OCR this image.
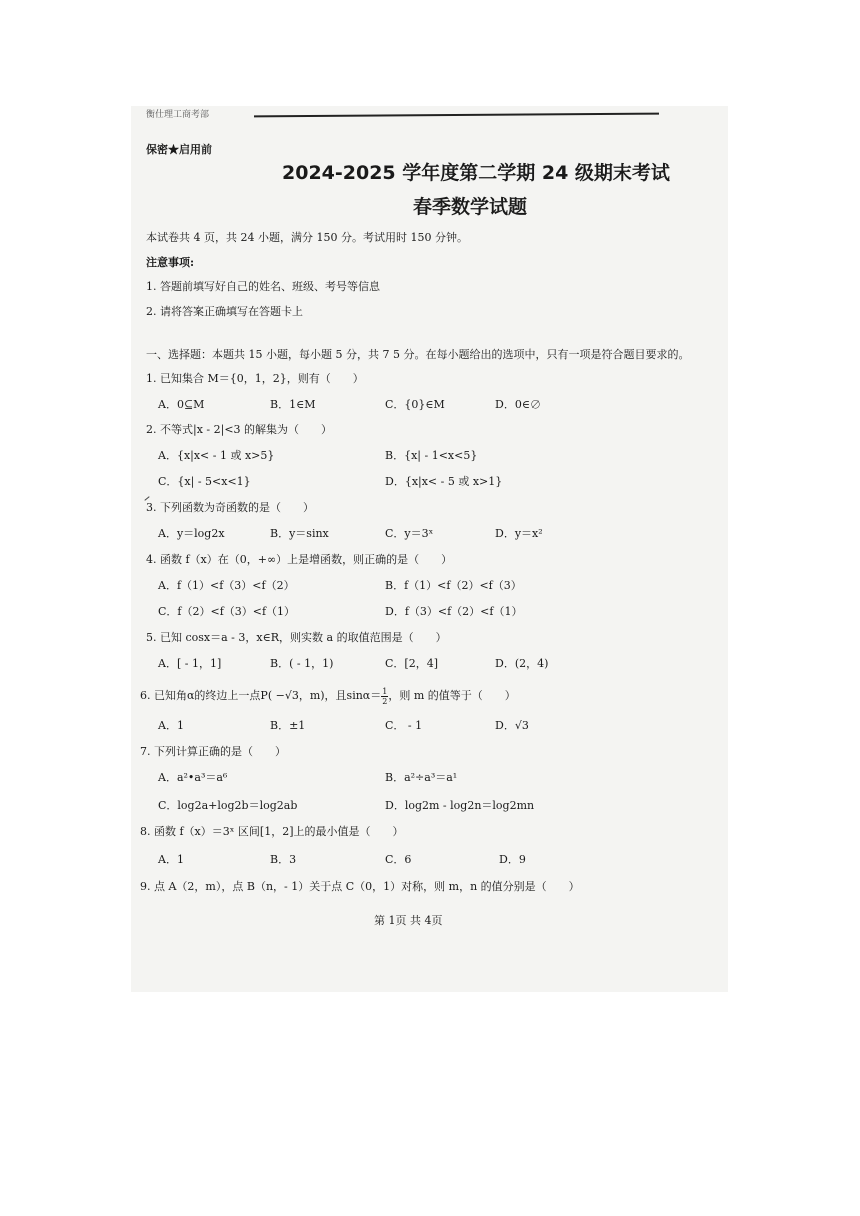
衡仕理工商考部
保密★启用前
2024-2025 学年度第二学期 24 级期末考试
春季数学试题
本试卷共 4 页，共 24 小题，满分 150 分。考试用时 150 分钟。
注意事项:
1. 答题前填写好自己的姓名、班级、考号等信息
2. 请将答案正确填写在答题卡上
一、选择题：本题共 15 小题，每小题 5 分，共 7 5 分。在每小题给出的选项中，只有一项是符合题目要求的。
1. 已知集合 M＝{0，1，2}，则有（　　）
A．0⊆M	B．1∈M	C．{0}∈M	D．0∈∅
2. 不等式|x - 2|<3 的解集为（　　）
A．{x|x< - 1 或 x>5}	B．{x| - 1<x<5}
C．{x| - 5<x<1}	D．{x|x< - 5 或 x>1}
3. 下列函数为奇函数的是（　　）
A．y＝log2x	B．y＝sinx	C．y＝3ˣ	D．y＝x²
4. 函数 f（x）在（0，+∞）上是增函数，则正确的是（　　）
A．f（1）<f（3）<f（2）	B．f（1）<f（2）<f（3）
C．f（2）<f（3）<f（1）	D．f（3）<f（2）<f（1）
5. 已知 cosx＝a - 3，x∈R，则实数 a 的取值范围是（　　）
A．[ - 1，1]	B．( - 1，1)	C．[2，4]	D．(2，4)
6. 已知角α的终边上一点P( −√3，m)，且$\sin\alpha= \frac{1}{2}$ ，则 m 的值等于（　　）
A．1	B．±1	C． - 1	D．√3
7. 下列计算正确的是（　　）
A．a²•a³＝a⁶	B．a²÷a³＝a¹
C．log2a+log2b＝log2ab	D．log2m - log2n＝log2mn
8. 函数 f（x）＝3ˣ 区间[1，2]上的最小值是（　　）
A．1	B．3	C．6	D．9
9. 点 A（2，m），点 B（n，- 1）关于点 C（0，1）对称，则 m，n 的值分别是（　　）
第 1页 共 4页
